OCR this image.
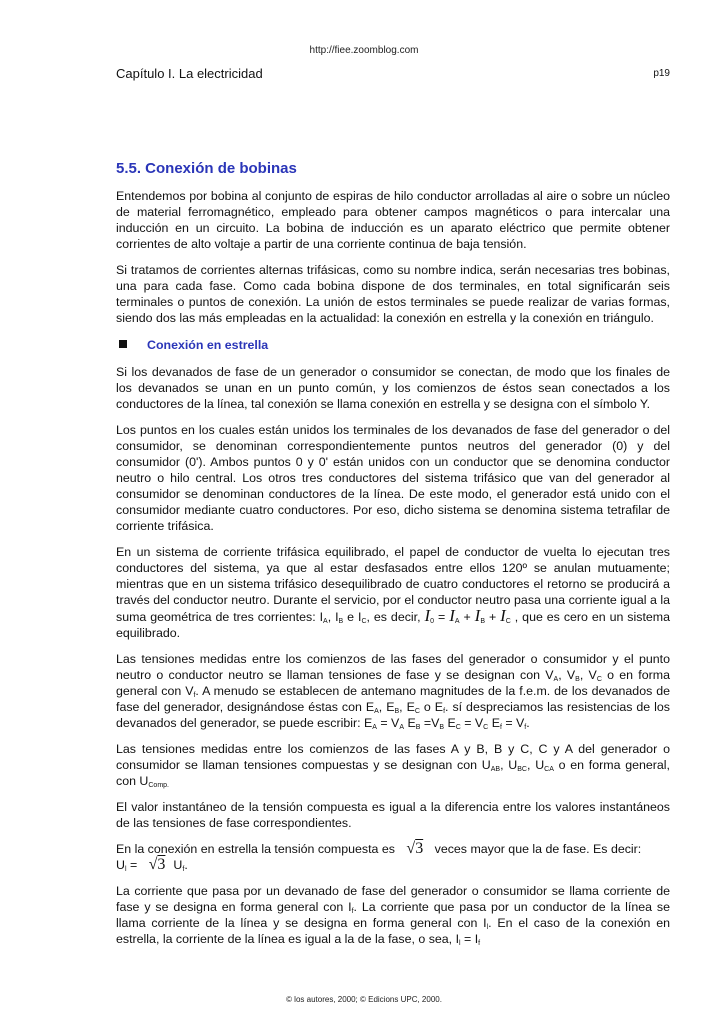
http://fiee.zoomblog.com
Capítulo I. La electricidad	p19
5.5. Conexión de bobinas

Entendemos por bobina al conjunto de espiras de hilo conductor arrolladas al aire o sobre un núcleo de material ferromagnético, empleado para obtener campos magnéticos o para intercalar una inducción en un circuito. La bobina de inducción es un aparato eléctrico que permite obtener corrientes de alto voltaje a partir de una corriente continua de baja tensión.

Si tratamos de corrientes alternas trifásicas, como su nombre indica, serán necesarias tres bobinas, una para cada fase. Como cada bobina dispone de dos terminales, en total significarán seis terminales o puntos de conexión. La unión de estos terminales se puede realizar de varias formas, siendo dos las más empleadas en la actualidad: la conexión en estrella y la conexión en triángulo.

Conexión en estrella

Si los devanados de fase de un generador o consumidor se conectan, de modo que los finales de los devanados se unan en un punto común, y los comienzos de éstos sean conectados a los conductores de la línea, tal conexión se llama conexión en estrella y se designa con el símbolo Y.

Los puntos en los cuales están unidos los terminales de los devanados de fase del generador o del consumidor, se denominan correspondientemente puntos neutros del generador (0) y del consumidor (0'). Ambos puntos 0 y 0' están unidos con un conductor que se denomina conductor neutro o hilo central. Los otros tres conductores del sistema trifásico que van del generador al consumidor se denominan conductores de la línea. De este modo, el generador está unido con el consumidor mediante cuatro conductores. Por eso, dicho sistema se denomina sistema tetrafilar de corriente trifásica.

En un sistema de corriente trifásica equilibrado, el papel de conductor de vuelta lo ejecutan tres conductores del sistema, ya que al estar desfasados entre ellos 120º se anulan mutuamente; mientras que en un sistema trifásico desequilibrado de cuatro conductores el retorno se producirá a través del conductor neutro. Durante el servicio, por el conductor neutro pasa una corriente igual a la suma geométrica de tres corrientes: $I_A$, $I_B$ e $I_C$, es decir, $I_0 = I_A + I_B + I_C$ , que es cero en un sistema equilibrado.

Las tensiones medidas entre los comienzos de las fases del generador o consumidor y el punto neutro o conductor neutro se llaman tensiones de fase y se designan con $V_A$, $V_B$, $V_C$ o en forma general con $V_f$. A menudo se establecen de antemano magnitudes de la f.e.m. de los devanados de fase del generador, designándose éstas con $E_A$, $E_B$, $E_C$ o $E_f$. sí despreciamos las resistencias de los devanados del generador, se puede escribir: $E_A = V_A$ $E_B =V_B$ $E_C = V_C$ $E_f = V_f$.

Las tensiones medidas entre los comienzos de las fases A y B, B y C, C y A del generador o consumidor se llaman tensiones compuestas y se designan con $U_{AB}$, $U_{BC}$, $U_{CA}$ o en forma general, con $U_{Comp.}$

El valor instantáneo de la tensión compuesta es igual a la diferencia entre los valores instantáneos de las tensiones de fase correspondientes.

En la conexión en estrella la tensión compuesta es √3 veces mayor que la de fase. Es decir:
$U_l = √3$ $U_f$.

La corriente que pasa por un devanado de fase del generador o consumidor se llama corriente de fase y se designa en forma general con $I_f$. La corriente que pasa por un conductor de la línea se llama corriente de la línea y se designa en forma general con $I_l$. En el caso de la conexión en estrella, la corriente de la línea es igual a la de la fase, o sea, $I_l = I_f$

© los autores, 2000; © Edicions UPC, 2000.
